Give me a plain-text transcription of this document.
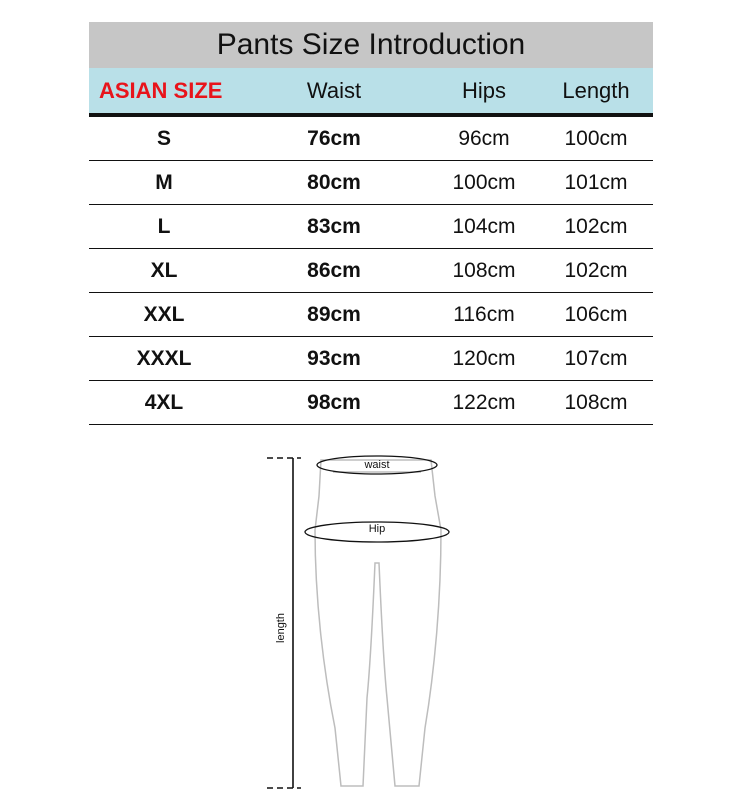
Pants Size Introduction
ASIAN SIZE	Waist	Hips	Length
S	76cm	96cm	100cm
M	80cm	100cm	101cm
L	83cm	104cm	102cm
XL	86cm	108cm	102cm
XXL	89cm	116cm	106cm
XXXL	93cm	120cm	107cm
4XL	98cm	122cm	108cm
length
waist
Hip
